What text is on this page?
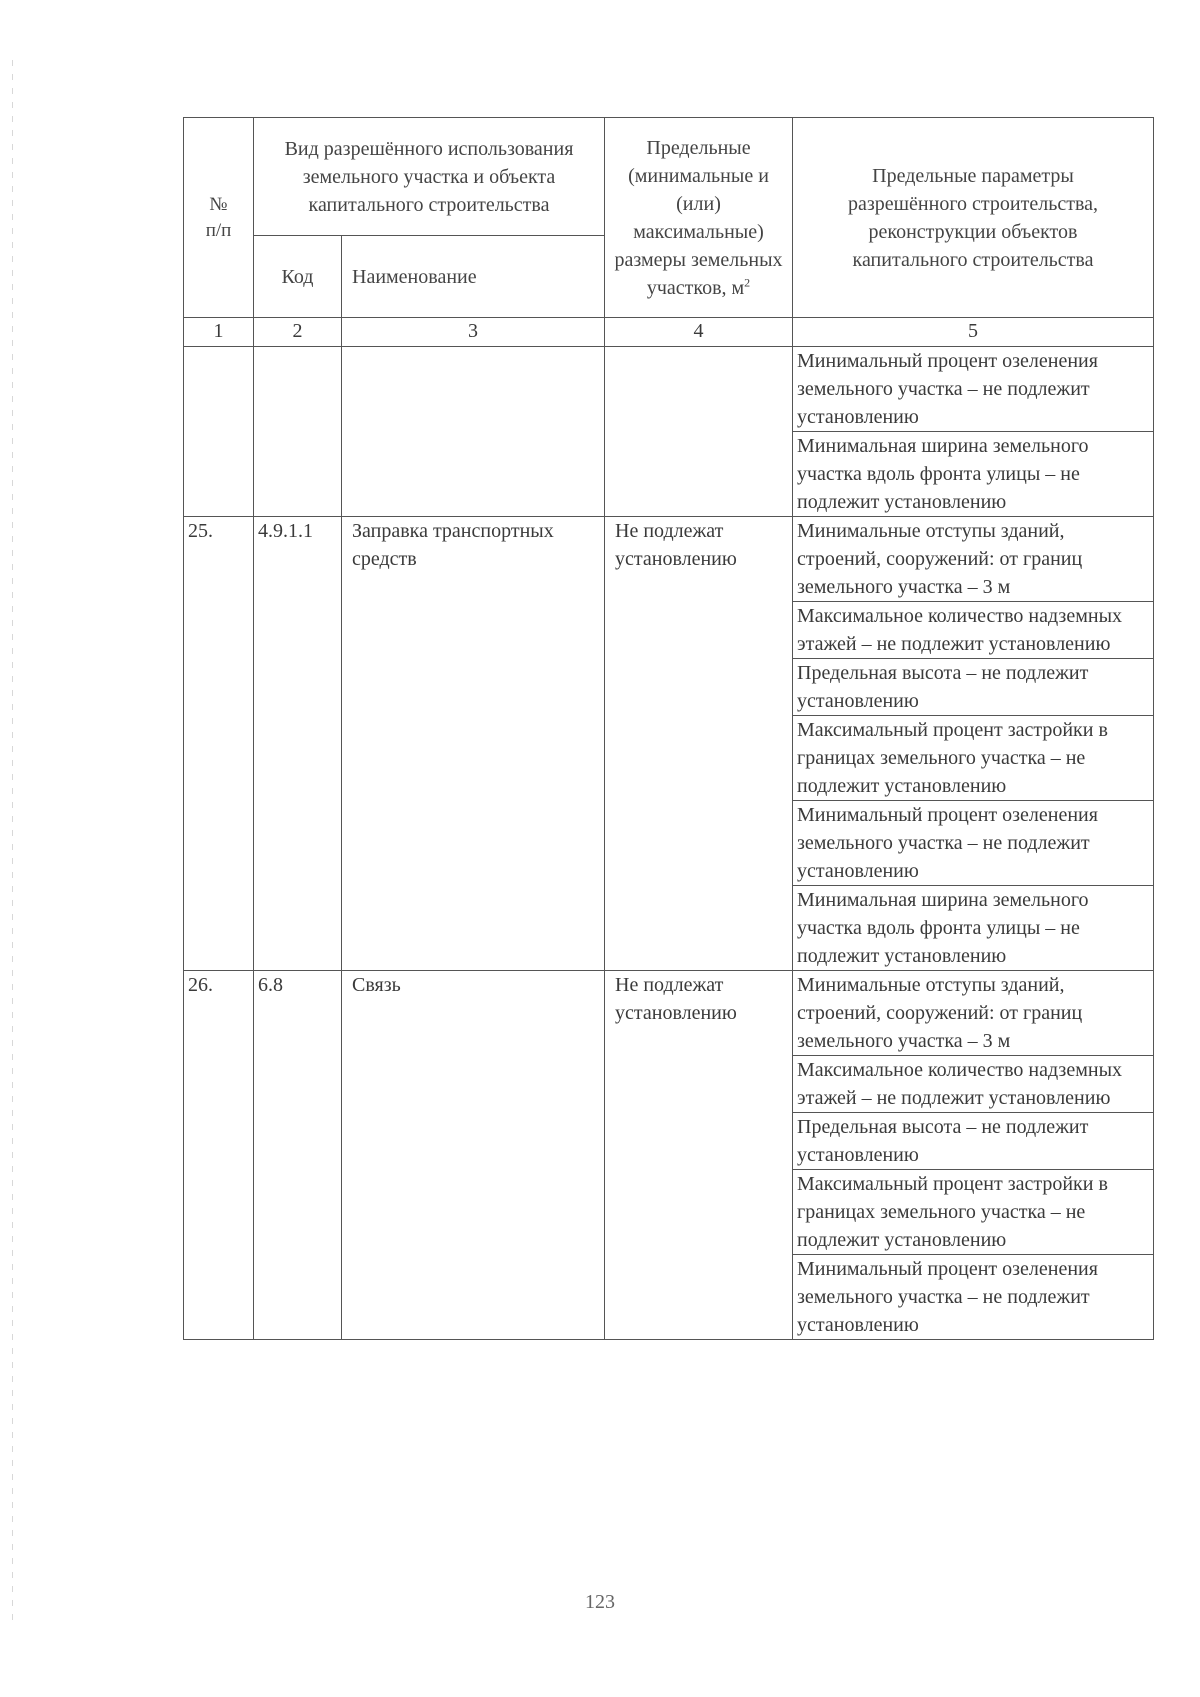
№
п/п	Вид разрешённого использования земельного участка и объекта капитального строительства		Предельные (минимальные и (или) максимальные) размеры земельных участков, $м^2$	Предельные параметры разрешённого строительства, реконструкции объектов капитального строительства
	Код	Наименование		
1	2	3	4	5
				Минимальный процент озеленения земельного участка – не подлежит установлению
				Минимальная ширина земельного участка вдоль фронта улицы – не подлежит установлению
25.	4.9.1.1	Заправка транспортных средств	Не подлежат установлению	Минимальные отступы зданий, строений, сооружений: от границ земельного участка – 3 м
				Максимальное количество надземных этажей – не подлежит установлению
				Предельная высота – не подлежит установлению
				Максимальный процент застройки в границах земельного участка – не подлежит установлению
				Минимальный процент озеленения земельного участка – не подлежит установлению
				Минимальная ширина земельного участка вдоль фронта улицы – не подлежит установлению
26.	6.8	Связь	Не подлежат установлению	Минимальные отступы зданий, строений, сооружений: от границ земельного участка – 3 м
				Максимальное количество надземных этажей – не подлежит установлению
				Предельная высота – не подлежит установлению
				Максимальный процент застройки в границах земельного участка – не подлежит установлению
				Минимальный процент озеленения земельного участка – не подлежит установлению
123
